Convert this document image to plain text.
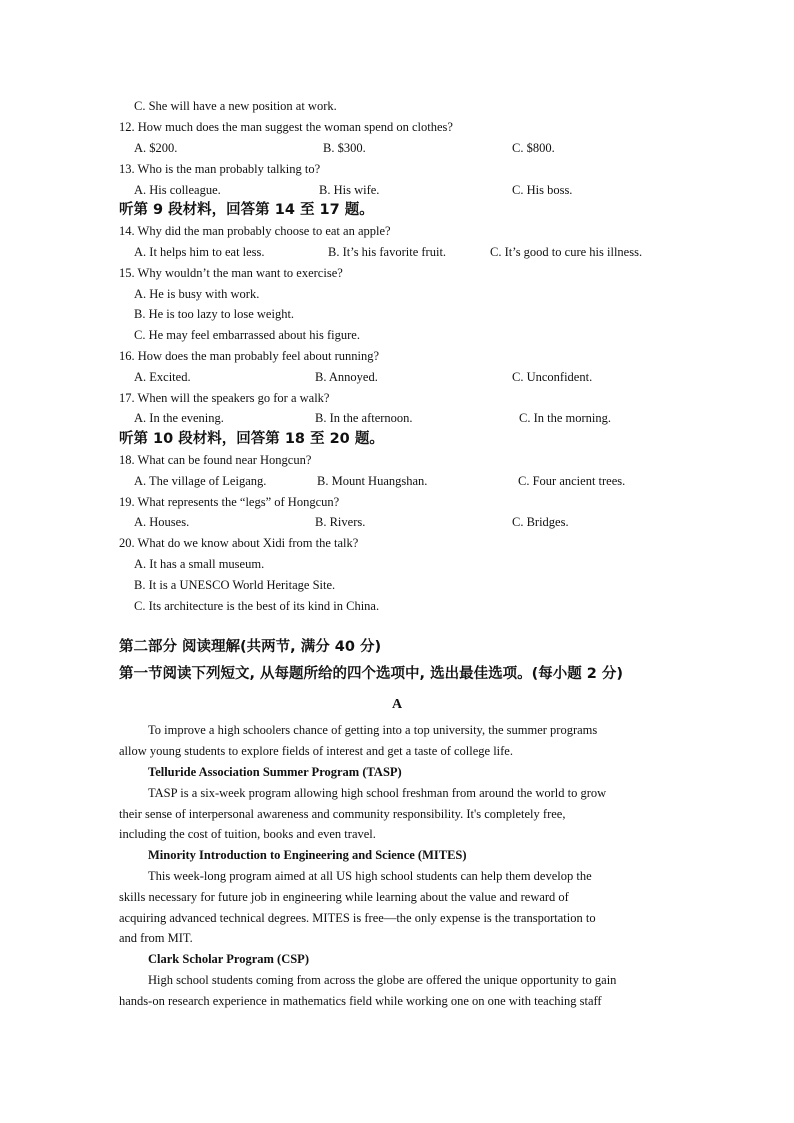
C. She will have a new position at work.
12. How much does the man suggest the woman spend on clothes?
A. $200.	B. $300.	C. $800.
13. Who is the man probably talking to?
A. His colleague.	B. His wife.	C. His boss.
听第 9 段材料，回答第 14 至 17 题。
14. Why did the man probably choose to eat an apple?
A. It helps him to eat less.	B. It’s his favorite fruit.	C. It’s good to cure his illness.
15. Why wouldn’t the man want to exercise?
A. He is busy with work.
B. He is too lazy to lose weight.
C. He may feel embarrassed about his figure.
16. How does the man probably feel about running?
A. Excited.	B. Annoyed.	C. Unconfident.
17. When will the speakers go for a walk?
A. In the evening.	B. In the afternoon.	C. In the morning.
听第 10 段材料，回答第 18 至 20 题。
18. What can be found near Hongcun?
A. The village of Leigang.	B. Mount Huangshan.	C. Four ancient trees.
19. What represents the “legs” of Hongcun?
A. Houses.	B. Rivers.	C. Bridges.
20. What do we know about Xidi from the talk?
A. It has a small museum.
B. It is a UNESCO World Heritage Site.
C. Its architecture is the best of its kind in China.
第二部分 阅读理解(共两节, 满分 40 分)
第一节阅读下列短文, 从每题所给的四个选项中, 选出最佳选项。(每小题 2 分)
A
To improve a high schoolers chance of getting into a top university, the summer programs
allow young students to explore fields of interest and get a taste of college life.
Telluride Association Summer Program (TASP)
TASP is a six-week program allowing high school freshman from around the world to grow
their sense of interpersonal awareness and community responsibility. It's completely free,
including the cost of tuition, books and even travel.
Minority Introduction to Engineering and Science (MITES)
This week-long program aimed at all US high school students can help them develop the
skills necessary for future job in engineering while learning about the value and reward of
acquiring advanced technical degrees. MITES is free—the only expense is the transportation to
and from MIT.
Clark Scholar Program (CSP)
High school students coming from across the globe are offered the unique opportunity to gain
hands-on research experience in mathematics field while working one on one with teaching staff
